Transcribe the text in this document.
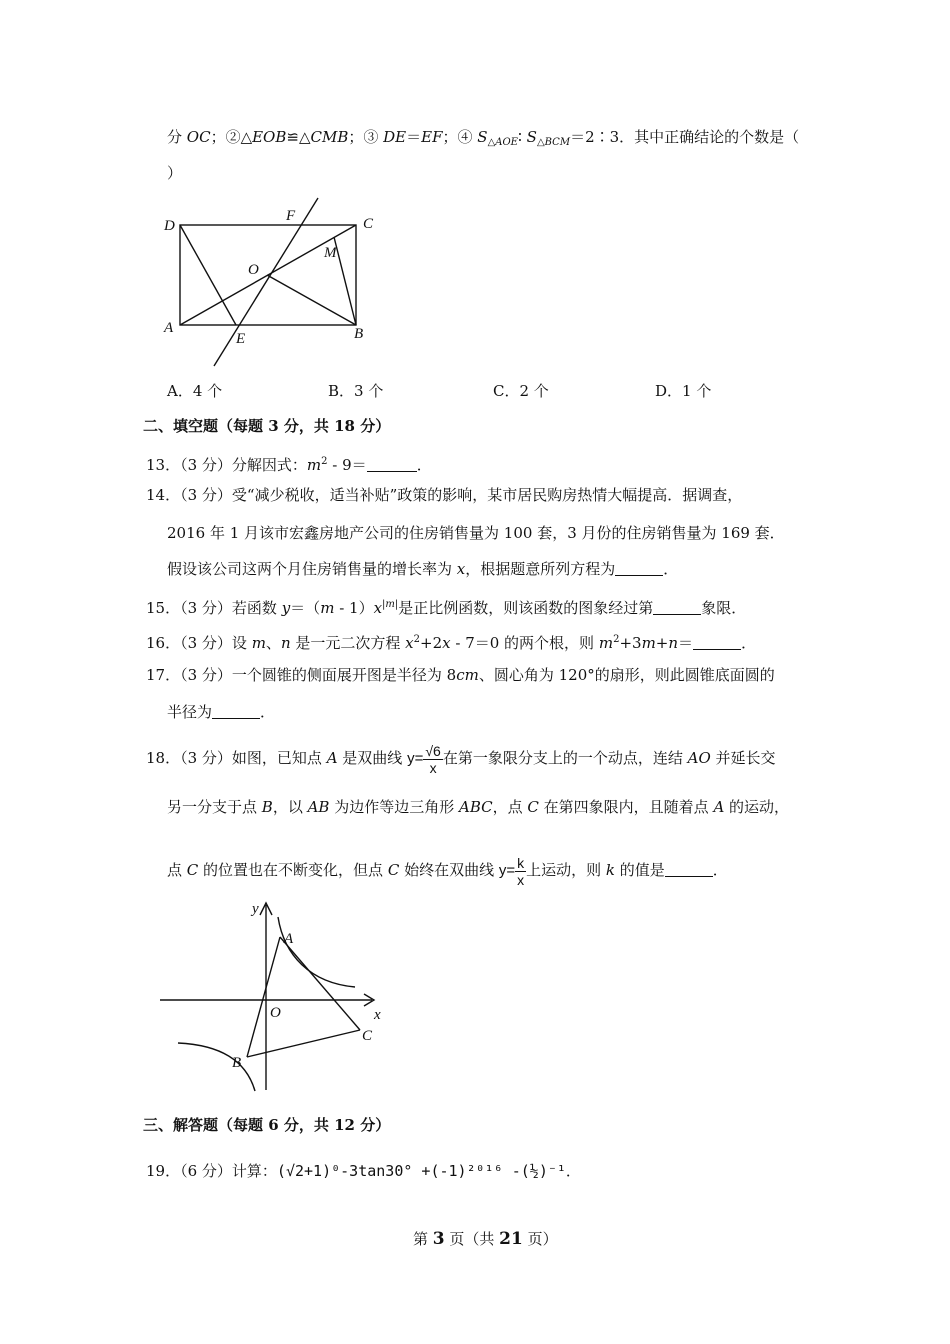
分 OC；②△EOB≌△CMB；③ DE＝EF；④ $S_{\triangle AOE}∶$ $S_{\triangle BCM}=2∶3$．其中正确结论的个数是（
）
D
F	C
M
O
A
E	B
A．4 个	B．3 个	C．2 个	D．1 个
二、填空题（每题 3 分，共 18 分）
13．（3 分）分解因式：$m^2 - 9=$	．
14．（3 分）受“减少税收，适当补贴”政策的影响，某市居民购房热情大幅提高．据调查，
2016 年 1 月该市宏鑫房地产公司的住房销售量为 100 套，3 月份的住房销售量为 169 套．
假设该公司这两个月住房销售量的增长率为 x，根据题意所列方程为	．
15．（3 分）若函数 $y=(m - 1)x^{|m|}$是正比例函数，则该函数的图象经过第	象限．
16．（3 分）设 m、n 是一元二次方程 $x^2+2x - 7=0$ 的两个根，则 $m^2+3m+n=$	．
17．（3 分）一个圆锥的侧面展开图是半径为 8cm、圆心角为 120°的扇形，则此圆锥底面圆的
半径为	．
18．（3 分）如图，已知点 A 是双曲线 $y= \frac{√6}{x}$ 在第一象限分支上的一个动点，连结 AO 并延长交
另一分支于点 B，以 AB 为边作等边三角形 ABC，点 C 在第四象限内，且随着点 A 的运动，
点 C 的位置也在不断变化，但点 C 始终在双曲线 $y= \frac{k}{x}$ 上运动，则 k 的值是	．
y
x
A
O
B
C
三、解答题（每题 6 分，共 12 分）
19．（6 分）计算：(√2+1)⁰-3tan30° +(-1)²⁰¹⁶ -(½)⁻¹．
第 3 页（共 21 页）
